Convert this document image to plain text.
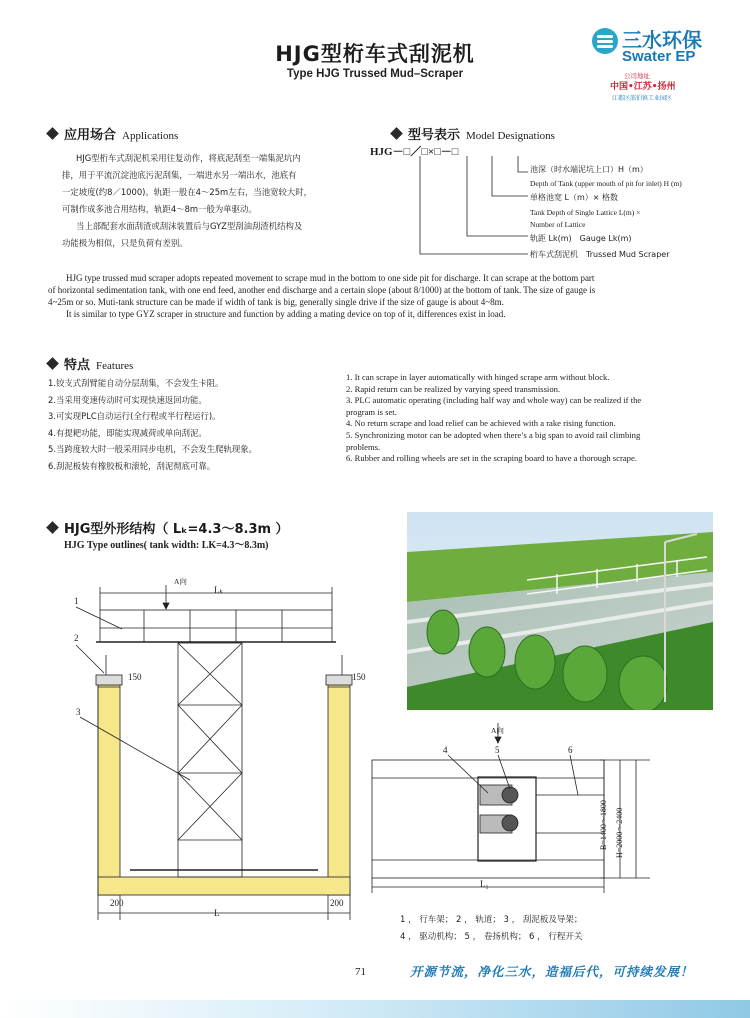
HJG型桁车式刮泥机
Type HJG Trussed Mud–Scraper
三水环保
Swater EP
公司地址
中国•江苏•扬州
江都区邵伯镇工业园区
应用场合 Applications
HJG型桁车式刮泥机采用往复动作，将底泥刮至一端集泥坑内
排，用于平流沉淀池底污泥刮集，一端进水另一端出水，池底有
一定坡度(约8／1000)。轨距一般在4～25m左右，当池宽较大时，
可制作成多池合用结构，轨距4～8m一般为单驱动。
当上部配套水面刮渣或刮沫装置后与GYZ型刮油刮渣机结构及
功能极为相似，只是负荷有差别。
型号表示 Model Designations
HJG－□／□×□－□
池深（时水端泥坑上口）H（m）
Depth of Tank (upper mouth of pit for inlet) H (m)
单格池宽 L（m）× 格数
Tank Depth of Single Lattice L(m) ×
Number of Lattice
轨距 Lk(m)　Gauge Lk(m)
桁车式刮泥机　Trussed Mud Scraper
HJG type trussed mud scraper adopts repeated movement to scrape mud in the bottom to one side pit for discharge. It can scrape at the bottom part
of horizontal sedimentation tank, with one end feed, another end discharge and a certain slope (about 8/1000) at the bottom of tank. The size of gauge is
4~25m or so. Muti-tank structure can be made if width of tank is big, generally single drive if the size of gauge is about 4~8m.
It is similar to type GYZ scraper in structure and function by adding a mating device on top of it, differences exist in load.
特点 Features
1.铰支式刮臂能自动分层刮集，不会发生卡阻。
2.当采用变速传动时可实现快速返回功能。
3.可实现PLC自动运行(全行程或半行程运行)。
4.有提耙功能，即能实现减荷或单向刮泥。
5.当跨度较大时一般采用同步电机，不会发生爬轨现象。
6.刮泥板装有橡胶板和滚轮，刮泥彻底可靠。
1. It can scrape in layer automatically with hinged scrape arm without block.
2. Rapid return can be realized by varying speed transmission.
3. PLC automatic operating (including half way and whole way) can be realized if the
program is set.
4. No return scrape and load relief can be achieved with a rake rising function.
5. Synchronizing motor can be adopted when there’s a big span to avoid rail climbing
problems.
6. Rubber and rolling wheels are set in the scraping board to have a thorough scrape.
HJG型外形结构（ Lₖ=4.3～8.3m ）
HJG Type outlines( tank width: LK=4.3～8.3m)
A向
Lₖ
1
2
3
150	150
200	200
L
A向
4	5	6
B=1400～1800 H=2000～2400
L₁
1 ， 行车架； 2 ， 轨道； 3 ， 刮泥板及导架；
4 ， 驱动机构； 5 ， 卷扬机构； 6 ， 行程开关
71	开源节流，净化三水，造福后代，可持续发展！
